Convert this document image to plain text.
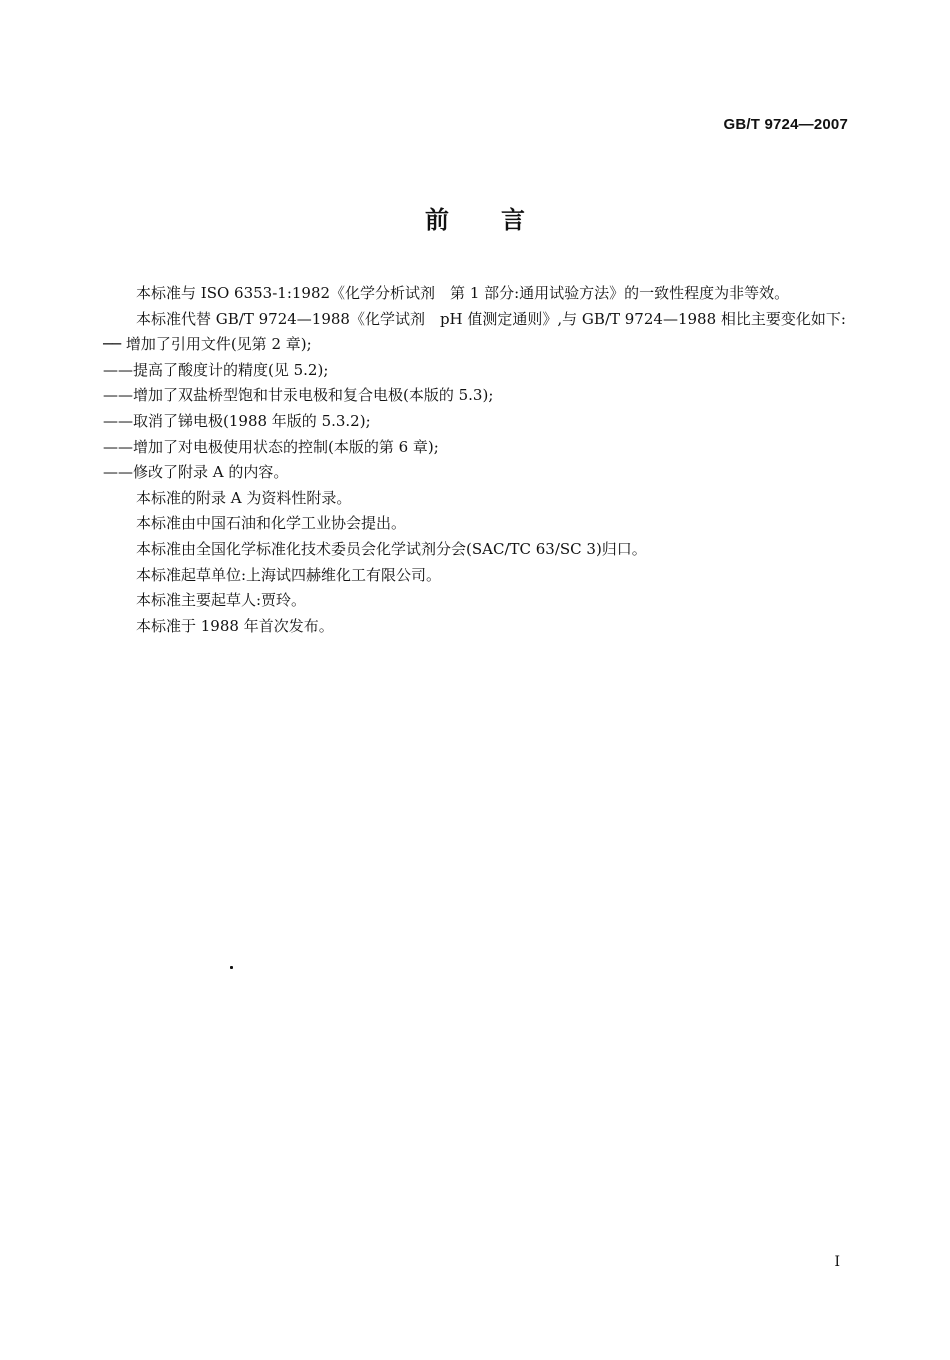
GB/T 9724—2007
前言

本标准与 ISO 6353-1:1982《化学分析试剂　第 1 部分:通用试验方法》的一致性程度为非等效。

本标准代替 GB/T 9724—1988《化学试剂　pH 值测定通则》,与 GB/T 9724—1988 相比主要变化如下:

── 增加了引用文件(见第 2 章);

——提高了酸度计的精度(见 5.2);

——增加了双盐桥型饱和甘汞电极和复合电极(本版的 5.3);

——取消了锑电极(1988 年版的 5.3.2);

——增加了对电极使用状态的控制(本版的第 6 章);

——修改了附录 A 的内容。

本标准的附录 A 为资料性附录。

本标准由中国石油和化学工业协会提出。

本标准由全国化学标准化技术委员会化学试剂分会(SAC/TC 63/SC 3)归口。

本标准起草单位:上海试四赫维化工有限公司。

本标准主要起草人:贾玲。

本标准于 1988 年首次发布。

I
